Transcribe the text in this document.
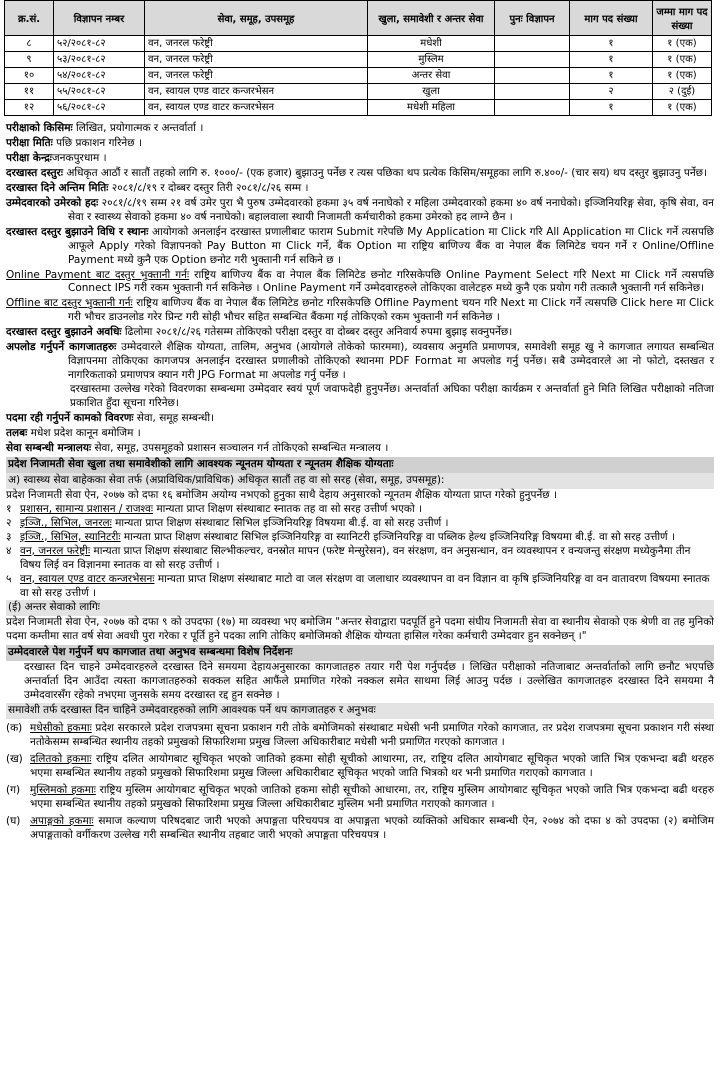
क्र.सं.	विज्ञापन नम्बर	सेवा, समूह, उपसमूह	खुला, समावेशी र अन्तर सेवा	पुनः विज्ञापन	माग पद संख्या	जम्मा माग पद संख्या
८	५२/२०८१-८२	वन, जनरल फरेष्ट्री	मधेशी		१	१ (एक)
९	५३/२०८१-८२	वन, जनरल फरेष्ट्री	मुस्लिम		१	१ (एक)
१०	५४/२०८१-८२	वन, जनरल फरेष्ट्री	अन्तर सेवा		१	१ (एक)
११	५५/२०८१-८२	वन, स्वायल एण्ड वाटर कन्जरभेसन	खुला		२	२ (दुई)
१२	५६/२०८१-८२	वन, स्वायल एण्ड वाटर कन्जरभेसन	मधेशी महिला		१	१ (एक)

परीक्षाको किसिमः लिखित, प्रयोगात्मक र अन्तर्वार्ता ।

परीक्षा मितिः पछि प्रकाशन गरिनेछ ।

परीक्षा केन्द्रःजनकपुरधाम ।

दरखास्त दस्तुरः अधिकृत आठौं र सातौं तहको लागि रु. १०००/- (एक हजार) बुझाउनु पर्नेछ र त्यस पछिका थप प्रत्येक किसिम/समूहका लागि रु.४००/- (चार सय) थप दस्तुर बुझाउनु पर्नेछ।

दरखास्त दिने अन्तिम मितिः २०८१/८/१९ र दोब्बर दस्तुर तिरी २०८१/८/२६ सम्म ।

उम्मेदवारको उमेरको हदः २०८१/८/१९ सम्म २१ वर्ष उमेर पुरा भै पुरुष उम्मेदवारको हकमा ३५ वर्ष ननाघेको र महिला उम्मेदवारको हकमा ४० वर्ष ननाघेको। इञ्जिनियरिङ्ग सेवा, कृषि सेवा, वन सेवा र स्वास्थ्य सेवाको हकमा ४० वर्ष ननाघेको। बहालवाला स्थायी निजामती कर्मचारीको हकमा उमेरको हद लाग्ने छैन ।

दरखास्त दस्तुर बुझाउने विधि र स्थानः आयोगको अनलाईन दरखास्त प्रणालीबाट फाराम Submit गरेपछि My Application मा Click गरि All Application मा Click गर्ने त्यसपछि आफूले Apply गरेको विज्ञापनको Pay Button मा Click गर्ने, बैंक Option मा राष्ट्रिय बाणिज्य बैंक वा नेपाल बैंक लिमिटेड चयन गर्ने र Online/Offline Payment मध्ये कुनै एक Option छनोट गरी भुक्तानी गर्न सकिने छ ।

Online Payment बाट दस्तुर भुक्तानी गर्नः राष्ट्रिय बाणिज्य बैंक वा नेपाल बैंक लिमिटेड छनोट गरिसकेपछि Online Payment Select गरि Next मा Click गर्ने त्यसपछि Connect IPS गरी रकम भुक्तानी गर्न सकिनेछ । Online Payment गर्ने उम्मेदवारहरुले तोकिएका वालेटहरु मध्ये कुनै एक प्रयोग गरी तत्कालै भुक्तानी गर्न सकिनेछ।

Offline बाट दस्तुर भुक्तानी गर्नः राष्ट्रिय बाणिज्य बैंक वा नेपाल बैंक लिमिटेड छनोट गरिसकेपछि Offline Payment चयन गरि Next मा Click गर्ने त्यसपछि Click here मा Click गरी भौचर डाउनलोड गरेर प्रिन्ट गरी सोही भौचर सहित सम्बन्धित बैंकमा गई तोकिएको रकम भुक्तानी गर्न सकिनेछ ।

दरखास्त दस्तुर बुझाउने अवधिः ढिलोमा २०८१/८/२६ गतेसम्म तोकिएको परीक्षा दस्तुर वा दोब्बर दस्तुर अनिवार्य रुपमा बुझाइ सक्नुपर्नेछ।

अपलोड गर्नुपर्ने कागजातहरुः उम्मेदवारले शैक्षिक योग्यता, तालिम, अनुभव (आयोगले तोकेको फारममा), व्यवसाय अनुमति प्रमाणपत्र, समावेशी समूह खु ने कागजात लगायत सम्बन्धित विज्ञापनमा तोकिएका कागजपत्र अनलाईन दरखास्त प्रणालीको तोकिएको स्थानमा PDF Format मा अपलोड गर्नु पर्नेछ। सबै उम्मेदवारले आ नो फोटो, दस्तखत र नागरिकताको प्रमाणपत्र क्यान गरी JPG Format मा अपलोड गर्नु पर्नेछ ।

दरखास्तमा उल्लेख गरेको विवरणका सम्बन्धमा उम्मेदवार स्वयं पूर्ण जवाफदेही हुनुपर्नेछ। अन्तर्वार्ता अघिका परीक्षा कार्यक्रम र अन्तर्वार्ता हुने मिति लिखित परीक्षाको नतिजा प्रकाशित हुँदा सूचना गरिनेछ।

पदमा रही गर्नुपर्ने कामको विवरणः सेवा, समूह सम्बन्धी।

तलबः मधेश प्रदेश कानून बमोजिम ।

सेवा सम्बन्धी मन्त्रालयः सेवा, समूह, उपसमूहको प्रशासन सञ्चालन गर्न तोकिएको सम्बन्धित मन्त्रालय ।

प्रदेश निजामती सेवा खुला तथा समावेशीको लागि आवश्यक न्यूनतम योग्यता र न्यूनतम शैक्षिक योग्यताः

अ) स्वास्थ्य सेवा बाहेकका सेवा तर्फ (अप्राविधिक/प्राविधिक) अधिकृत सातौं तह वा सो सरह (सेवा, समूह, उपसमूह):

प्रदेश निजामती सेवा ऐन, २०७७ को दफा १६ बमोजिम अयोग्य नभएको हुनुका साथै देहाय अनुसारको न्यूनतम शैक्षिक योग्यता प्राप्त गरेको हुनुपर्नेछ ।

१ प्रशासन, सामान्य प्रशासन / राजश्वः मान्यता प्राप्त शिक्षण संस्थाबाट स्नातक तह वा सो सरह उत्तीर्ण भएको ।
२ इञ्जि., सिभिल, जनरलः मान्यता प्राप्त शिक्षण संस्थाबाट सिभिल इञ्जिनियरिङ्ग विषयमा बी.ई. वा सो सरह उत्तीर्ण ।
३ इञ्जि., सिभिल, स्यानिटरीः मान्यता प्राप्त शिक्षण संस्थाबाट सिभिल इञ्जिनियरिङ्ग वा स्यानिटरी इञ्जिनियरिङ्ग वा पब्लिक हेल्थ इञ्जिनियरिङ्ग विषयमा बी.ई. वा सो सरह उत्तीर्ण ।
४ वन, जनरल फरेष्ट्रीः मान्यता प्राप्त शिक्षण संस्थाबाट सिल्भीकल्चर, वनस्रोत मापन (फरेष्ट मेन्सुरेसन), वन संरक्षण, वन अनुसन्धान, वन व्यवस्थापन र वन्यजन्तु संरक्षण मध्येकुनैमा तीन विषय लिई वन विज्ञानमा स्नातक वा सो सरह उत्तीर्ण ।
५ वन, स्वायल एण्ड वाटर कन्जरभेसनः मान्यता प्राप्त शिक्षण संस्थाबाट माटो वा जल संरक्षण वा जलाधार व्यवस्थापन वा वन विज्ञान वा कृषि इञ्जिनियरिङ्ग वा वन वातावरण विषयमा स्नातक वा सो सरह उत्तीर्ण ।

(ई) अन्तर सेवाको लागिः

प्रदेश निजामती सेवा ऐन, २०७७ को दफा ९ को उपदफा (१७) मा व्यवस्था भए बमोजिम "अन्तर सेवाद्वारा पदपूर्ति हुने पदमा संघीय निजामती सेवा वा स्थानीय सेवाको एक श्रेणी वा तह मुनिको पदमा कम्तीमा सात वर्ष सेवा अवधी पुरा गरेका र पूर्ति हुने पदका लागि तोकिए बमोजिमको शैक्षिक योग्यता हासिल गरेका कर्मचारी उम्मेदवार हुन सक्नेछन् ।"

उम्मेदवारले पेश गर्नुपर्ने थप कागजात तथा अनुभव सम्बन्धमा विशेष निर्देशनः

दरखास्त दिन चाहने उम्मेदवारहरुले दरखास्त दिने समयमा देहायअनुसारका कागजातहरु तयार गरी पेश गर्नुपर्दछ । लिखित परीक्षाको नतिजाबाट अन्तर्वार्ताको लागि छनौट भएपछि अन्तर्वार्ता दिन आउँदा त्यस्ता कागजातहरुको सक्कल सहित आफैंले प्रमाणित गरेको नक्कल समेत साथमा लिई आउनु पर्दछ । उल्लेखित कागजातहरु दरखास्त दिने समयमा नै उम्मेदवारसँग रहेको नभएमा जुनसके समय दरखास्त रद्द हुन सक्नेछ ।

समावेशी तर्फ दरखास्त दिन चाहिने उम्मेदवारहरुको लागि आवश्यक पर्ने थप कागजातहरु र अनुभवः

(क) मधेसीको हकमाः प्रदेश सरकारले प्रदेश राजपत्रमा सूचना प्रकाशन गरी तोके बमोजिमको संस्थाबाट मधेसी भनी प्रमाणित गरेको कागजात, तर प्रदेश राजपत्रमा सूचना प्रकाशन गरी संस्था नतोकेसम्म सम्बन्धित स्थानीय तहको प्रमुखको सिफारिशमा प्रमुख जिल्ला अधिकारीबाट मधेसी भनी प्रमाणित गरएको कागजात ।
(ख) दलितको हकमाः राष्ट्रिय दलित आयोगबाट सूचिकृत भएको जातिको हकमा सोही सूचीको आधारमा, तर, राष्ट्रिय दलित आयोगबाट सूचिकृत भएको जाति भित्र एकभन्दा बढी थरहरु भएमा सम्बन्धित स्थानीय तहको प्रमुखको सिफारिशमा प्रमुख जिल्ला अधिकारीबाट सूचिकृत भएको जाति भित्रको थर भनी प्रमाणित गराएको कागजात ।
(ग) मुस्लिमको हकमाः राष्ट्रिय मुस्लिम आयोगबाट सूचिकृत भएको जातिको हकमा सोही सूचीको आधारमा, तर, राष्ट्रिय मुस्लिम आयोगबाट सूचिकृत भएको जाति भित्र एकभन्दा बढी थरहरु भएमा सम्बन्धित स्थानीय तहको प्रमुखको सिफारिशमा प्रमुख जिल्ला अधिकारीबाट मुस्लिम भनी प्रमाणित गराएको कागजात ।
(घ) अपाङ्गको हकमाः समाज कल्याण परिषदबाट जारी भएको अपाङ्गता परिचयपत्र वा अपाङ्गता भएको व्यक्तिको अधिकार सम्बन्धी ऐन, २०७४ को दफा ४ को उपदफा (२) बमोजिम अपाङ्गताको वर्गीकरण उल्लेख गरी सम्बन्धित स्थानीय तहबाट जारी भएको अपाङ्गता परिचयपत्र ।
